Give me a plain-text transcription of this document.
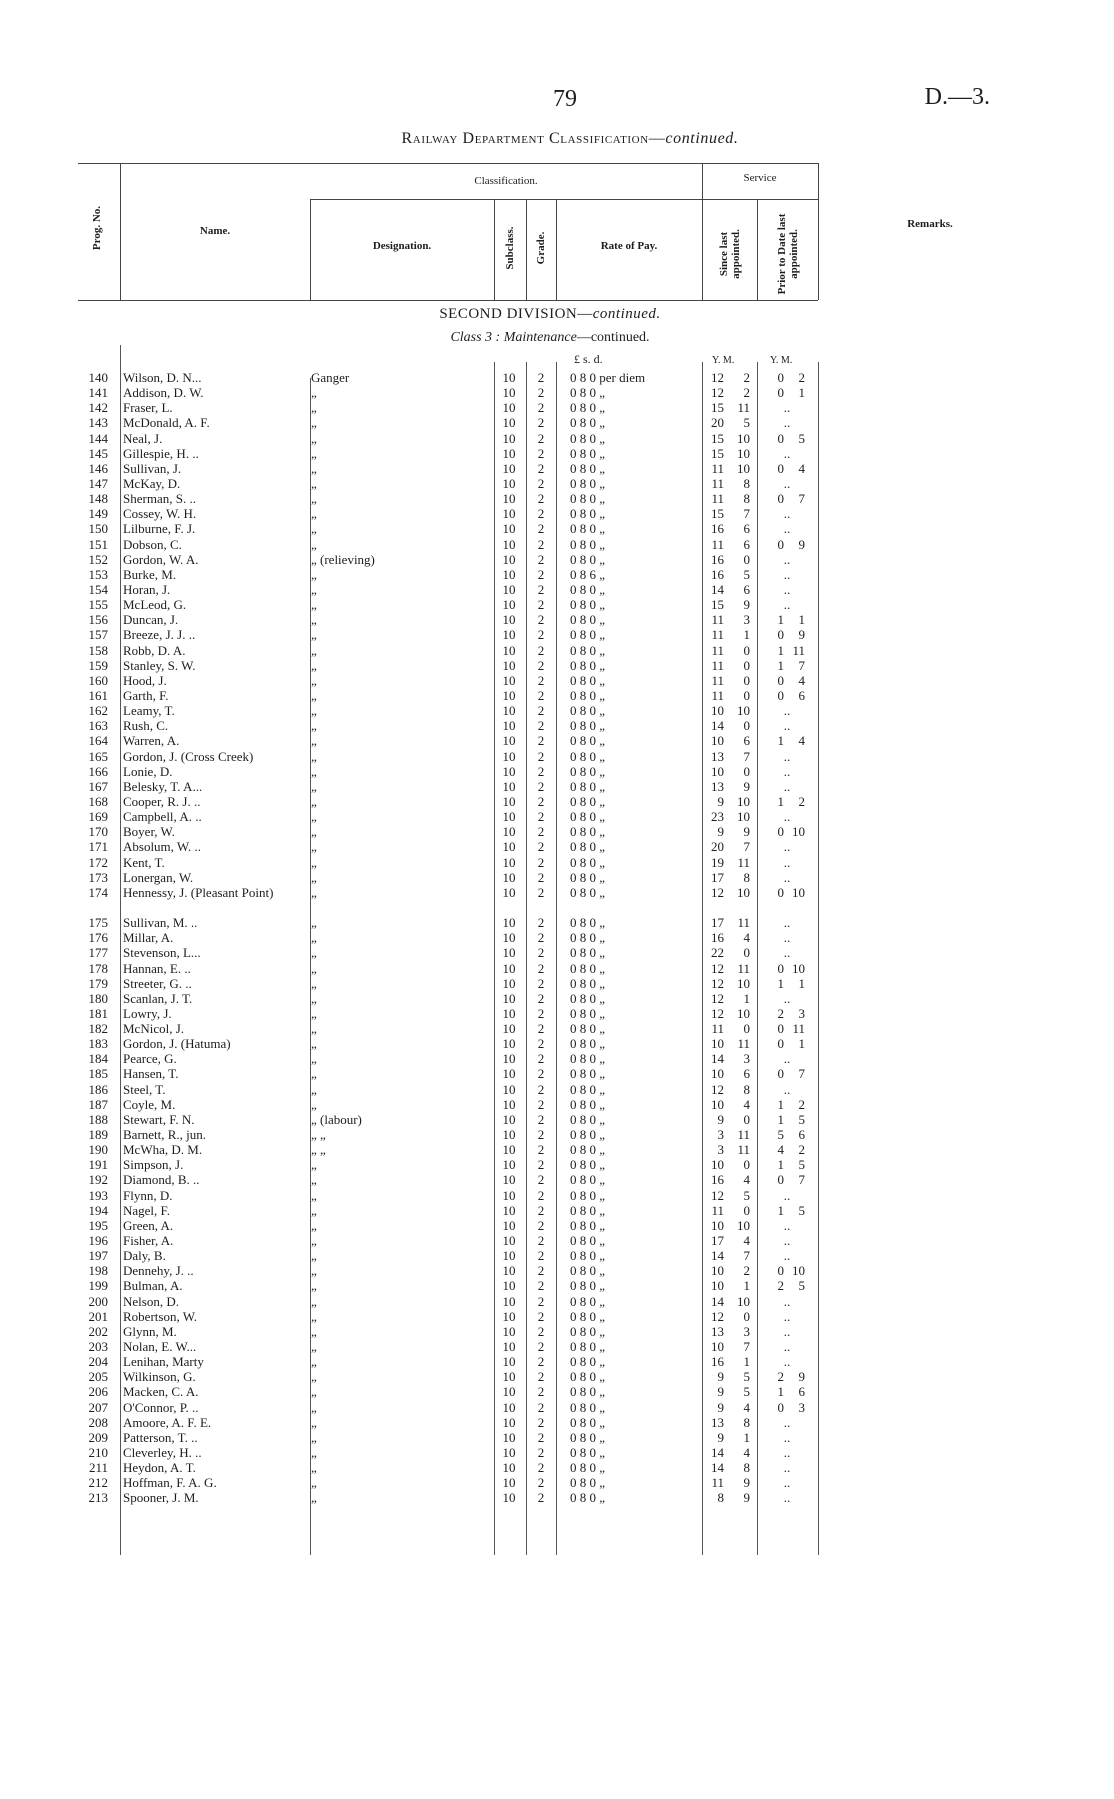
79	D.—3.
Railway Department Classification—continued.
Prog. No.	Name.
Classification.
Designation.	Subclass. Grade.	Rate of Pay.
Service
Since last appointed.	Prior to Date last appointed.
Remarks.
SECOND DIVISION—continued.
Class 3 : Maintenance—continued.
£ s. d.	Y. M.	Y. M.
140 Wilson, D. N...	Ganger	10	2	0 8 0 per diem	12	2	0	2
141 Addison, D. W.	„	10	2	0 8 0 „	12	2	0	1
142 Fraser, L.	„	10	2	0 8 0 „	15	11	..
143 McDonald, A. F.	„	10	2	0 8 0 „	20	5	..
144 Neal, J.	„	10	2	0 8 0 „	15	10	0	5
145 Gillespie, H. ..	„	10	2	0 8 0 „	15	10	..
146 Sullivan, J.	„	10	2	0 8 0 „	11	10	0	4
147 McKay, D.	„	10	2	0 8 0 „	11	8	..
148 Sherman, S. ..	„	10	2	0 8 0 „	11	8	0	7
149 Cossey, W. H.	„	10	2	0 8 0 „	15	7	..
150 Lilburne, F. J.	„	10	2	0 8 0 „	16	6	..
151 Dobson, C.	„	10	2	0 8 0 „	11	6	0	9
152 Gordon, W. A.	„ (relieving)	10	2	0 8 0 „	16	0	..
153 Burke, M.	„	10	2	0 8 6 „	16	5	..
154 Horan, J.	„	10	2	0 8 0 „	14	6	..
155 McLeod, G.	„	10	2	0 8 0 „	15	9	..
156 Duncan, J.	„	10	2	0 8 0 „	11	3	1	1
157 Breeze, J. J. ..	„	10	2	0 8 0 „	11	1	0	9
158 Robb, D. A.	„	10	2	0 8 0 „	11	0	1 11
159 Stanley, S. W.	„	10	2	0 8 0 „	11	0	1	7
160 Hood, J.	„	10	2	0 8 0 „	11	0	0	4
161 Garth, F.	„	10	2	0 8 0 „	11	0	0	6
162 Leamy, T.	„	10	2	0 8 0 „	10	10	..
163 Rush, C.	„	10	2	0 8 0 „	14	0	..
164 Warren, A.	„	10	2	0 8 0 „	10	6	1	4
165 Gordon, J. (Cross Creek)	„	10	2	0 8 0 „	13	7	..
166 Lonie, D.	„	10	2	0 8 0 „	10	0	..
167 Belesky, T. A...	„	10	2	0 8 0 „	13	9	..
168 Cooper, R. J. ..	„	10	2	0 8 0 „	9	10	1	2
169 Campbell, A. ..	„	10	2	0 8 0 „	23	10	..
170 Boyer, W.	„	10	2	0 8 0 „	9	9	0 10
171 Absolum, W. ..	„	10	2	0 8 0 „	20	7	..
172 Kent, T.	„	10	2	0 8 0 „	19	11	..
173 Lonergan, W.	„	10	2	0 8 0 „	17	8	..
174 Hennessy, J. (Pleasant Point)	„	10	2	0 8 0 „	12	10	0 10
175 Sullivan, M. ..	„	10	2	0 8 0 „	17	11	..
176 Millar, A.	„	10	2	0 8 0 „	16	4	..
177 Stevenson, L...	„	10	2	0 8 0 „	22	0	..
178 Hannan, E. ..	„	10	2	0 8 0 „	12	11	0 10
179 Streeter, G. ..	„	10	2	0 8 0 „	12	10	1	1
180 Scanlan, J. T.	„	10	2	0 8 0 „	12	1	..
181 Lowry, J.	„	10	2	0 8 0 „	12	10	2	3
182 McNicol, J.	„	10	2	0 8 0 „	11	0	0 11
183 Gordon, J. (Hatuma)	„	10	2	0 8 0 „	10	11	0	1
184 Pearce, G.	„	10	2	0 8 0 „	14	3	..
185 Hansen, T.	„	10	2	0 8 0 „	10	6	0	7
186 Steel, T.	„	10	2	0 8 0 „	12	8	..
187 Coyle, M.	„	10	2	0 8 0 „	10	4	1	2
188 Stewart, F. N.	„ (labour)	10	2	0 8 0 „	9	0	1	5
189 Barnett, R., jun.	„ „	10	2	0 8 0 „	3	11	5	6
190 McWha, D. M.	„ „	10	2	0 8 0 „	3	11	4	2
191 Simpson, J.	„	10	2	0 8 0 „	10	0	1	5
192 Diamond, B. ..	„	10	2	0 8 0 „	16	4	0	7
193 Flynn, D.	„	10	2	0 8 0 „	12	5	..
194 Nagel, F.	„	10	2	0 8 0 „	11	0	1	5
195 Green, A.	„	10	2	0 8 0 „	10	10	..
196 Fisher, A.	„	10	2	0 8 0 „	17	4	..
197 Daly, B.	„	10	2	0 8 0 „	14	7	..
198 Dennehy, J. ..	„	10	2	0 8 0 „	10	2	0 10
199 Bulman, A.	„	10	2	0 8 0 „	10	1	2	5
200 Nelson, D.	„	10	2	0 8 0 „	14	10	..
201 Robertson, W.	„	10	2	0 8 0 „	12	0	..
202 Glynn, M.	„	10	2	0 8 0 „	13	3	..
203 Nolan, E. W...	„	10	2	0 8 0 „	10	7	..
204 Lenihan, Marty	„	10	2	0 8 0 „	16	1	..
205 Wilkinson, G.	„	10	2	0 8 0 „	9	5	2	9
206 Macken, C. A.	„	10	2	0 8 0 „	9	5	1	6
207 O'Connor, P. ..	„	10	2	0 8 0 „	9	4	0	3
208 Amoore, A. F. E.	„	10	2	0 8 0 „	13	8	..
209 Patterson, T. ..	„	10	2	0 8 0 „	9	1	..
210 Cleverley, H. ..	„	10	2	0 8 0 „	14	4	..
211 Heydon, A. T.	„	10	2	0 8 0 „	14	8	..
212 Hoffman, F. A. G.	„	10	2	0 8 0 „	11	9	..
213 Spooner, J. M.	„	10	2	0 8 0 „	8	9	..
